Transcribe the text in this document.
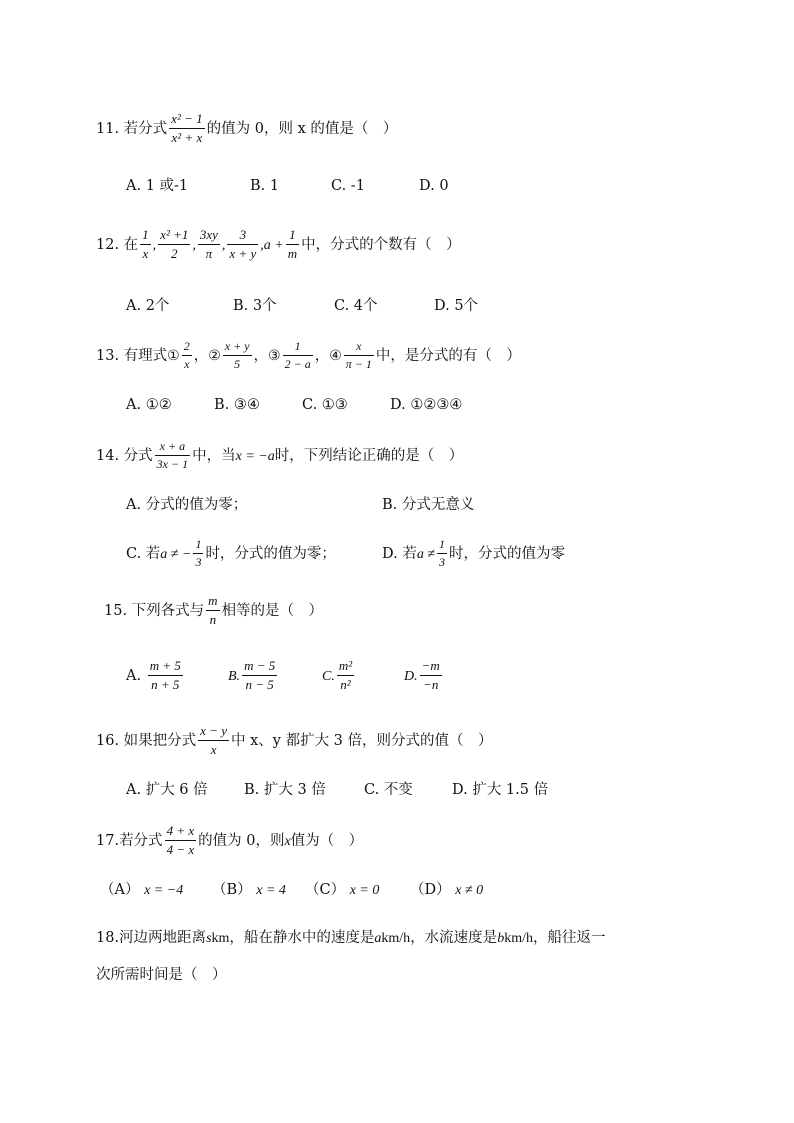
11. 若分式 $\frac{\text{x² − 1}}{\text{x² + x}}$ 的值为 0，则 x 的值是（　）
A. 1 或-1	B. 1	C. -1	D. 0
12. 在 $\frac{1}{x}$ , $\frac{\text{x² +1}}{2}$ , $\frac{3xy}{\pi}$ , $\frac{3}{x + y} ,a + \frac{1}{m}$ 中，分式的个数有（　）
A. 2个	B. 3个	C. 4个	D. 5个
13. 有理式① $\frac{2}{x}$ ，② $\frac{x + y}{5}$ ，③ $\frac{1}{2 - a}$ ，④ $\frac{x}{\pi - 1}$ 中，是分式的有（　）
A. ①②	B. ③④	C. ①③	D. ①②③④
14. 分式 $\frac{x + a}{3x - 1}$ 中，当x = −a时，下列结论正确的是（　）
A. 分式的值为零；	B. 分式无意义
C. 若a ≠ − $\frac{1}{3}$ 时，分式的值为零；	D. 若$a \ne \frac{1}{3}$ 时，分式的值为零
15. 下列各式与 $\frac{m}{n}$ 相等的是（　）
A. $\frac{m + 5}{n + 5}$	B. $\frac{m - 5}{n - 5}$	C. $\frac{\text{m²}}{\text{n²}}$	D. $\frac{-m}{-n}$
16. 如果把分式 $\frac{x - y}{x}$ 中 x、y 都扩大 3 倍，则分式的值（　）
A. 扩大 6 倍	B. 扩大 3 倍	C. 不变	D. 扩大 1.5 倍
17.若分式 $\frac{4 + x}{4 - x}$ 的值为 0，则x值为（　）
（A） x = −4 （B） x = 4 （C） x = 0 （D） x ≠ 0
18.河边两地距离skm，船在静水中的速度是akm/h，水流速度是bkm/h，船往返一
次所需时间是（　）
